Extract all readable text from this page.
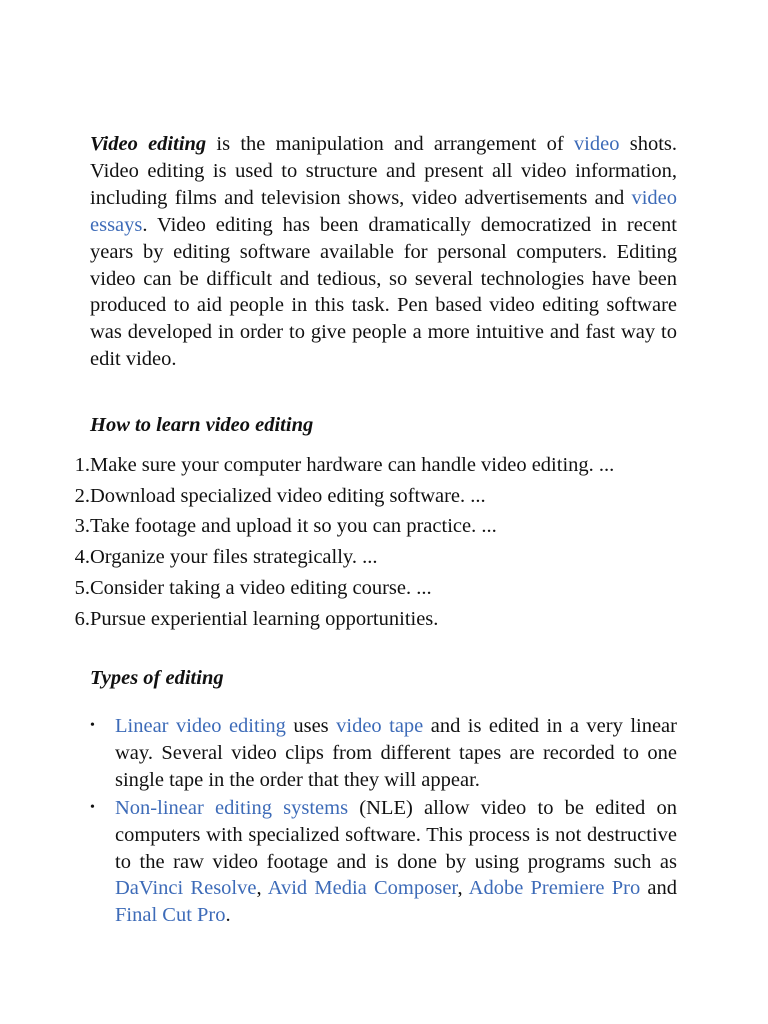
Video editing is the manipulation and arrangement of video shots. Video editing is used to structure and present all video information, including films and television shows, video advertisements and video essays. Video editing has been dramatically democratized in recent years by editing software available for personal computers. Editing video can be difficult and tedious, so several technologies have been produced to aid people in this task. Pen based video editing software was developed in order to give people a more intuitive and fast way to edit video.

How to learn video editing
1. Make sure your computer hardware can handle video editing. ...
2. Download specialized video editing software. ...
3. Take footage and upload it so you can practice. ...
4. Organize your files strategically. ...
5. Consider taking a video editing course. ...
6. Pursue experiential learning opportunities.
Types of editing
• Linear video editing uses video tape and is edited in a very linear way. Several video clips from different tapes are recorded to one single tape in the order that they will appear.
• Non-linear editing systems (NLE) allow video to be edited on computers with specialized software. This process is not destructive to the raw video footage and is done by using programs such as DaVinci Resolve, Avid Media Composer, Adobe Premiere Pro and Final Cut Pro.
